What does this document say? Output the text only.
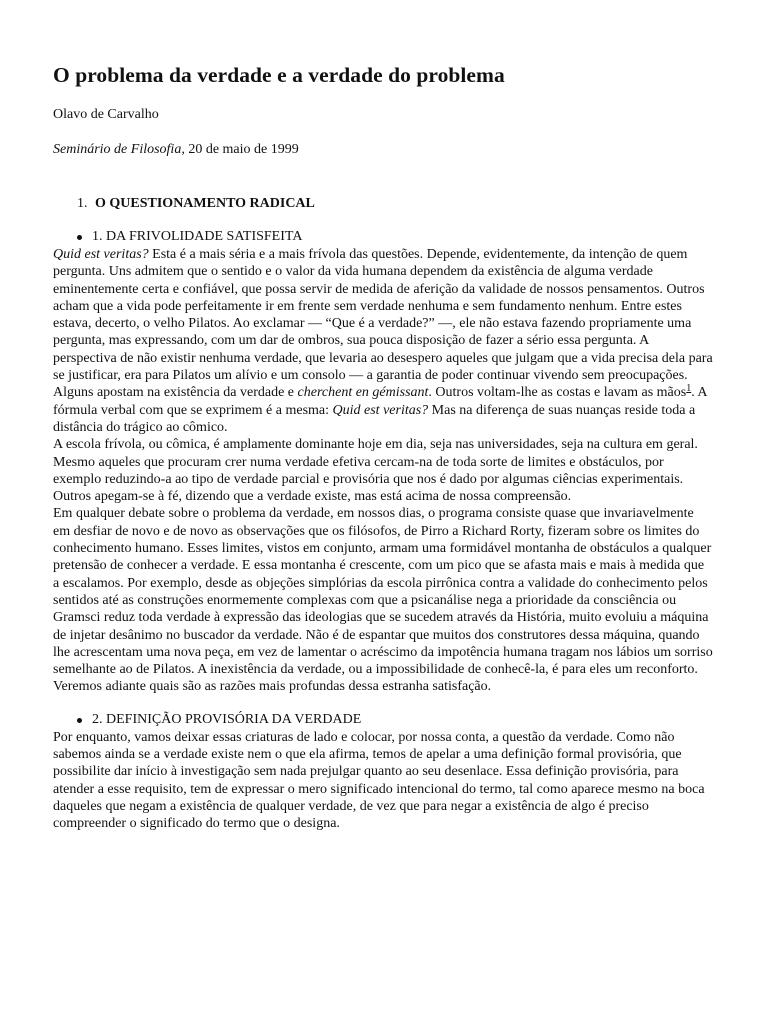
O problema da verdade e a verdade do problema
Olavo de Carvalho
Seminário de Filosofia, 20 de maio de 1999
1. O QUESTIONAMENTO RADICAL
1. DA FRIVOLIDADE SATISFEITA

Quid est veritas? Esta é a mais séria e a mais frívola das questões. Depende, evidentemente, da intenção de quem pergunta. Uns admitem que o sentido e o valor da vida humana dependem da existência de alguma verdade eminentemente certa e confiável, que possa servir de medida de aferição da validade de nossos pensamentos. Outros acham que a vida pode perfeitamente ir em frente sem verdade nenhuma e sem fundamento nenhum. Entre estes estava, decerto, o velho Pilatos. Ao exclamar — “Que é a verdade?” —, ele não estava fazendo propriamente uma pergunta, mas expressando, com um dar de ombros, sua pouca disposição de fazer a sério essa pergunta. A perspectiva de não existir nenhuma verdade, que levaria ao desespero aqueles que julgam que a vida precisa dela para se justificar, era para Pilatos um alívio e um consolo — a garantia de poder continuar vivendo sem preocupações. Alguns apostam na existência da verdade e cherchent en gémissant. Outros voltam-lhe as costas e lavam as mãos$^1$. A fórmula verbal com que se exprimem é a mesma: Quid est veritas? Mas na diferença de suas nuanças reside toda a distância do trágico ao cômico.

A escola frívola, ou cômica, é amplamente dominante hoje em dia, seja nas universidades, seja na cultura em geral. Mesmo aqueles que procuram crer numa verdade efetiva cercam-na de toda sorte de limites e obstáculos, por exemplo reduzindo-a ao tipo de verdade parcial e provisória que nos é dado por algumas ciências experimentais. Outros apegam-se à fé, dizendo que a verdade existe, mas está acima de nossa compreensão.

Em qualquer debate sobre o problema da verdade, em nossos dias, o programa consiste quase que invariavelmente em desfiar de novo e de novo as observações que os filósofos, de Pirro a Richard Rorty, fizeram sobre os limites do conhecimento humano. Esses limites, vistos em conjunto, armam uma formidável montanha de obstáculos a qualquer pretensão de conhecer a verdade. E essa montanha é crescente, com um pico que se afasta mais e mais à medida que a escalamos. Por exemplo, desde as objeções simplórias da escola pirrônica contra a validade do conhecimento pelos sentidos até as construções enormemente complexas com que a psicanálise nega a prioridade da consciência ou Gramsci reduz toda verdade à expressão das ideologias que se sucedem através da História, muito evoluiu a máquina de injetar desânimo no buscador da verdade. Não é de espantar que muitos dos construtores dessa máquina, quando lhe acrescentam uma nova peça, em vez de lamentar o acréscimo da impotência humana tragam nos lábios um sorriso semelhante ao de Pilatos. A inexistência da verdade, ou a impossibilidade de conhecê-la, é para eles um reconforto. Veremos adiante quais são as razões mais profundas dessa estranha satisfação.

2. DEFINIÇÃO PROVISÓRIA DA VERDADE

Por enquanto, vamos deixar essas criaturas de lado e colocar, por nossa conta, a questão da verdade. Como não sabemos ainda se a verdade existe nem o que ela afirma, temos de apelar a uma definição formal provisória, que possibilite dar início à investigação sem nada prejulgar quanto ao seu desenlace. Essa definição provisória, para atender a esse requisito, tem de expressar o mero significado intencional do termo, tal como aparece mesmo na boca daqueles que negam a existência de qualquer verdade, de vez que para negar a existência de algo é preciso compreender o significado do termo que o designa.
